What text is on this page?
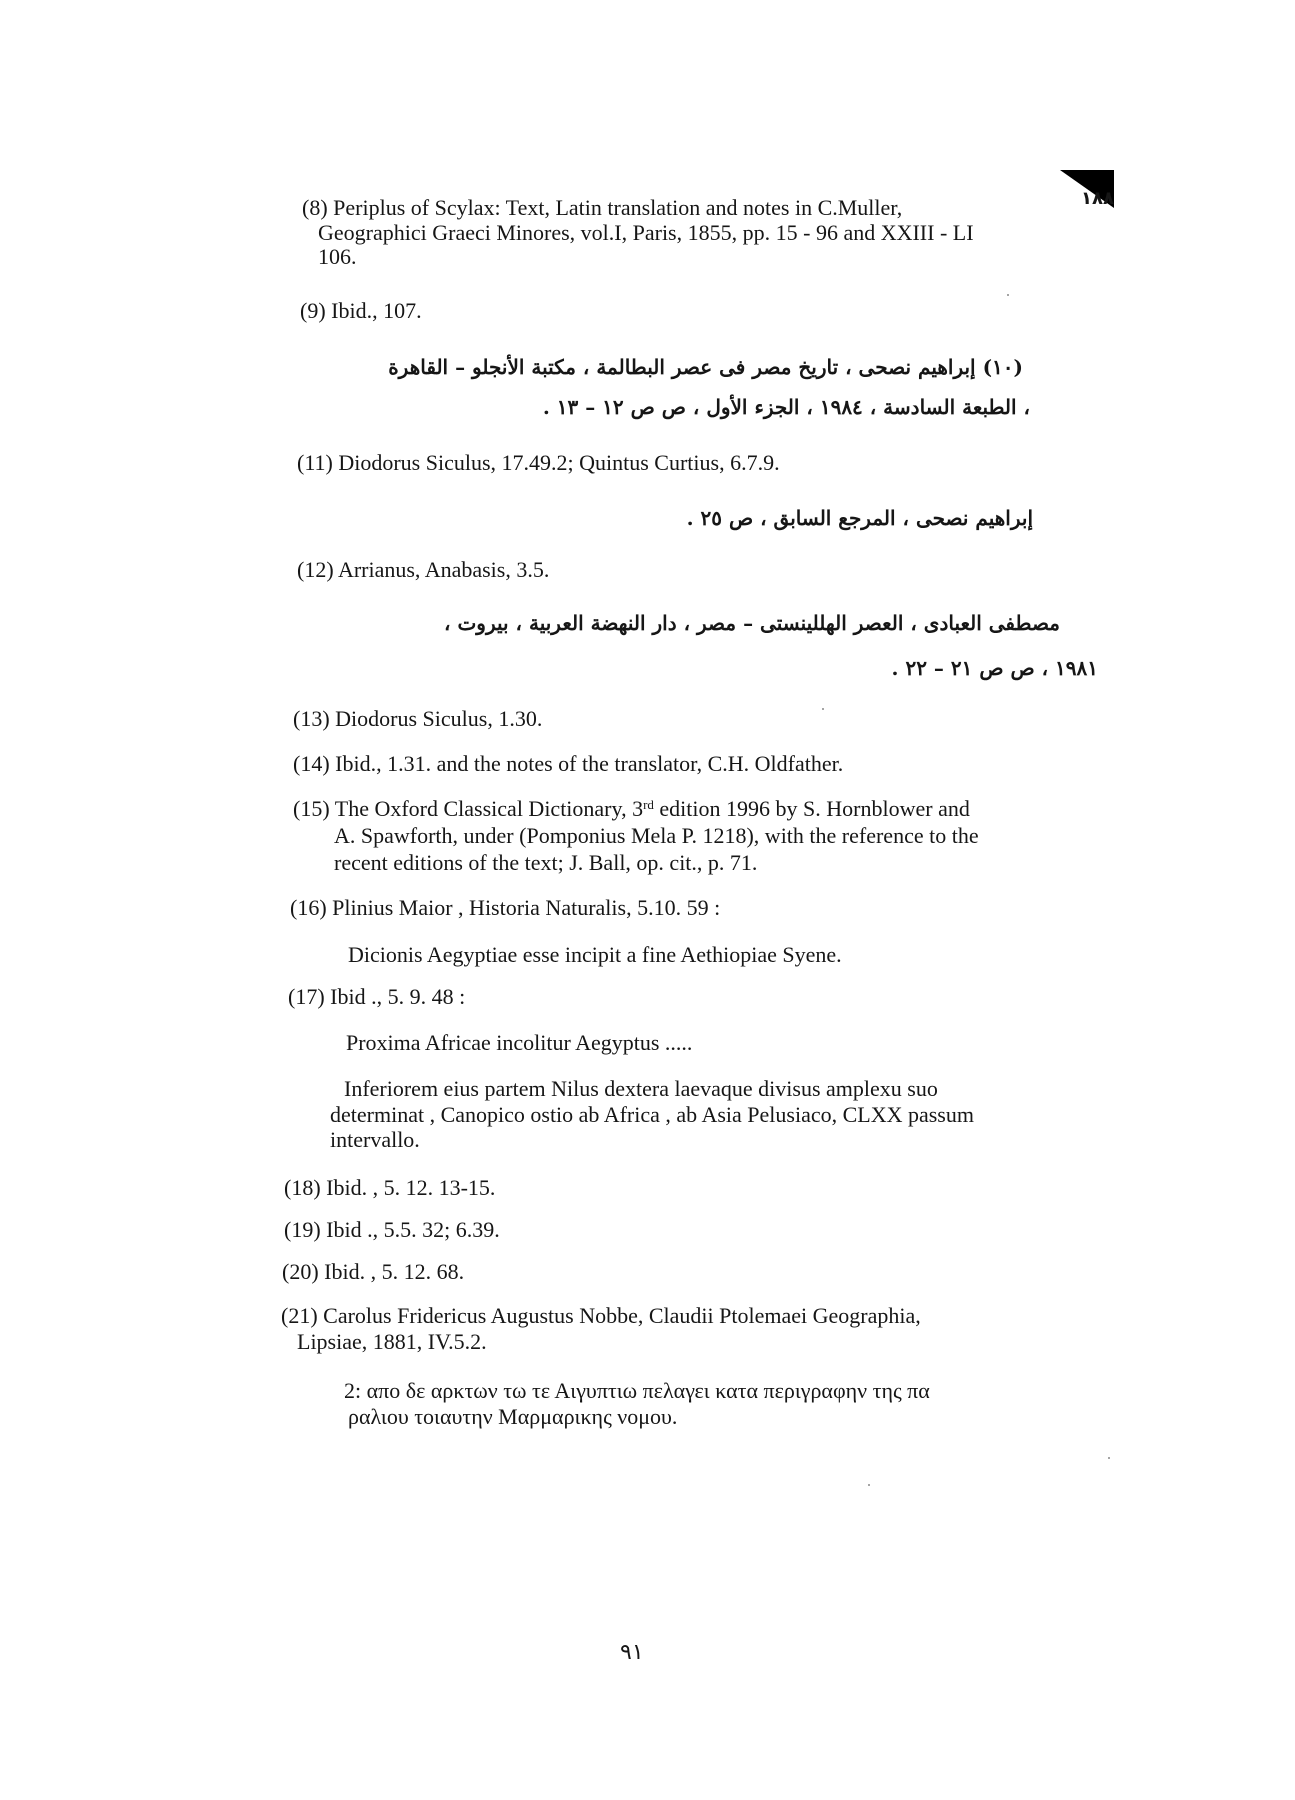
١٨٨
(8) Periplus of Scylax: Text, Latin translation and notes in C.Muller,
Geographici Graeci Minores, vol.I, Paris, 1855, pp. 15 - 96 and XXIII - LI
106.
(9) Ibid., 107.
(١٠) إبراهيم نصحى ، تاريخ مصر فى عصر البطالمة ، مكتبة الأنجلو – القاهرة
، الطبعة السادسة ، ١٩٨٤ ، الجزء الأول ، ص ص ١٢ – ١٣ .
(11) Diodorus Siculus, 17.49.2; Quintus Curtius, 6.7.9.
إبراهيم نصحى ، المرجع السابق ، ص ٢٥ .
(12) Arrianus, Anabasis, 3.5.
مصطفى العبادى ، العصر الهللينستى – مصر ، دار النهضة العربية ، بيروت ،
١٩٨١ ، ص ص ٢١ – ٢٢ .
(13) Diodorus Siculus, 1.30.
(14) Ibid., 1.31. and the notes of the translator, C.H. Oldfather.
(15) The Oxford Classical Dictionary, 3rd edition 1996 by S. Hornblower and
A. Spawforth, under (Pomponius Mela P. 1218), with the reference to the
recent editions of the text; J. Ball, op. cit., p. 71.
(16) Plinius Maior , Historia Naturalis, 5.10. 59 :
Dicionis Aegyptiae esse incipit a fine Aethiopiae Syene.
(17) Ibid ., 5. 9. 48 :
Proxima Africae incolitur Aegyptus .....
Inferiorem eius partem Nilus dextera laevaque divisus amplexu suo
determinat , Canopico ostio ab Africa , ab Asia Pelusiaco, CLXX passum
intervallo.
(18) Ibid. , 5. 12. 13-15.
(19) Ibid ., 5.5. 32; 6.39.
(20) Ibid. , 5. 12. 68.
(21) Carolus Fridericus Augustus Nobbe, Claudii Ptolemaei Geographia,
Lipsiae, 1881, IV.5.2.
2: απο δε αρκτων τω τε Αιγυπτιω πελαγει κατα περιγραφην της πα
ραλιου τοιαυτην Μαρμαρικης νομου.
٩١
